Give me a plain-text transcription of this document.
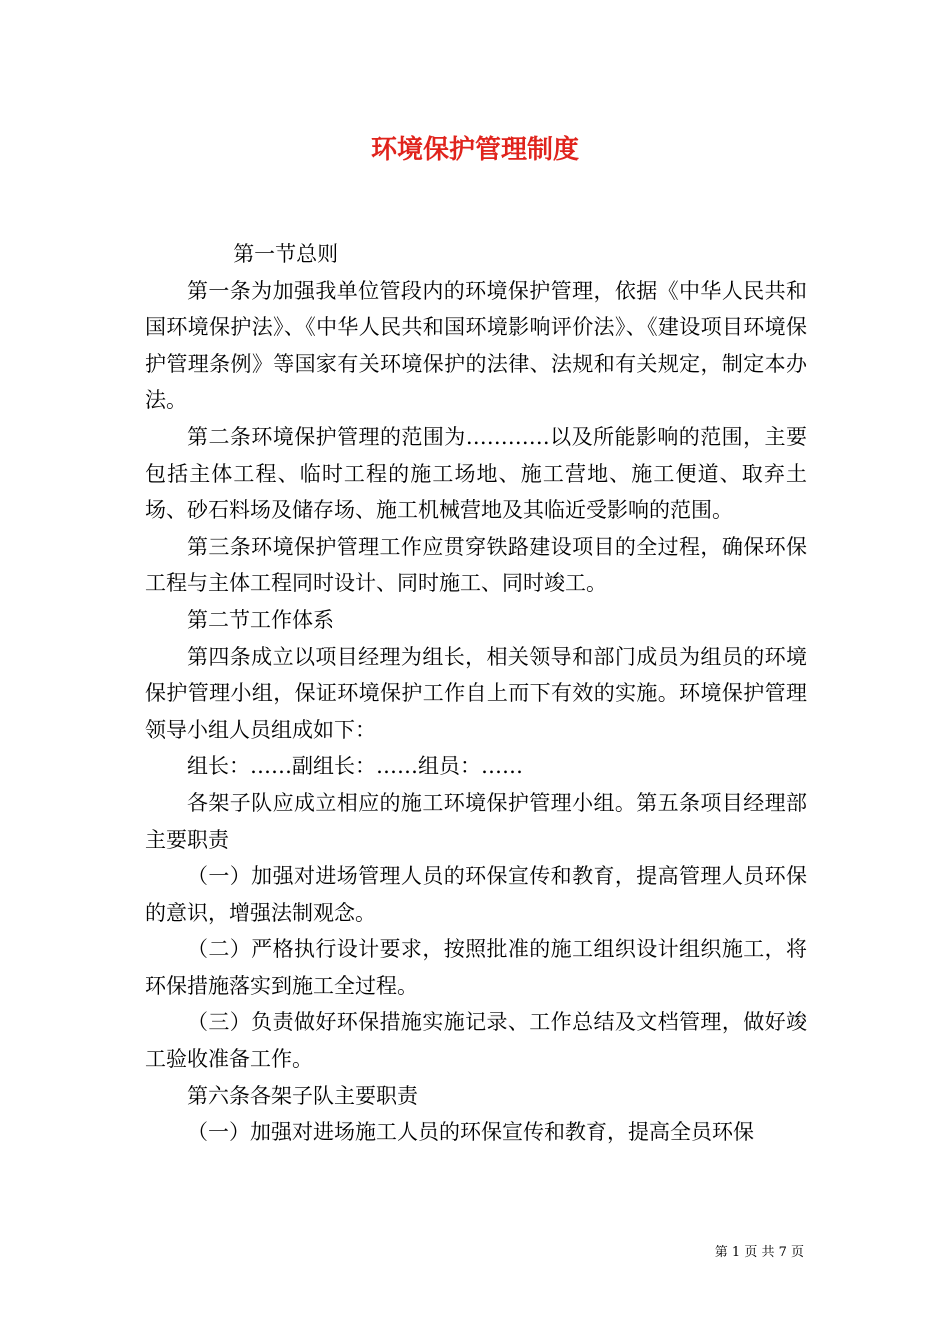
环境保护管理制度

第一节总则

第一条为加强我单位管段内的环境保护管理，依据《中华人民共和国环境保护法》、《中华人民共和国环境影响评价法》、《建设项目环境保护管理条例》等国家有关环境保护的法律、法规和有关规定，制定本办法。

第二条环境保护管理的范围为…………以及所能影响的范围，主要包括主体工程、临时工程的施工场地、施工营地、施工便道、取弃土场、砂石料场及储存场、施工机械营地及其临近受影响的范围。

第三条环境保护管理工作应贯穿铁路建设项目的全过程，确保环保工程与主体工程同时设计、同时施工、同时竣工。

第二节工作体系

第四条成立以项目经理为组长，相关领导和部门成员为组员的环境保护管理小组，保证环境保护工作自上而下有效的实施。环境保护管理领导小组人员组成如下：

组长：……副组长：……组员：……

各架子队应成立相应的施工环境保护管理小组。第五条项目经理部主要职责

（一）加强对进场管理人员的环保宣传和教育，提高管理人员环保的意识，增强法制观念。

（二）严格执行设计要求，按照批准的施工组织设计组织施工，将环保措施落实到施工全过程。

（三）负责做好环保措施实施记录、工作总结及文档管理，做好竣工验收准备工作。

第六条各架子队主要职责

（一）加强对进场施工人员的环保宣传和教育，提高全员环保

第 1 页 共 7 页
